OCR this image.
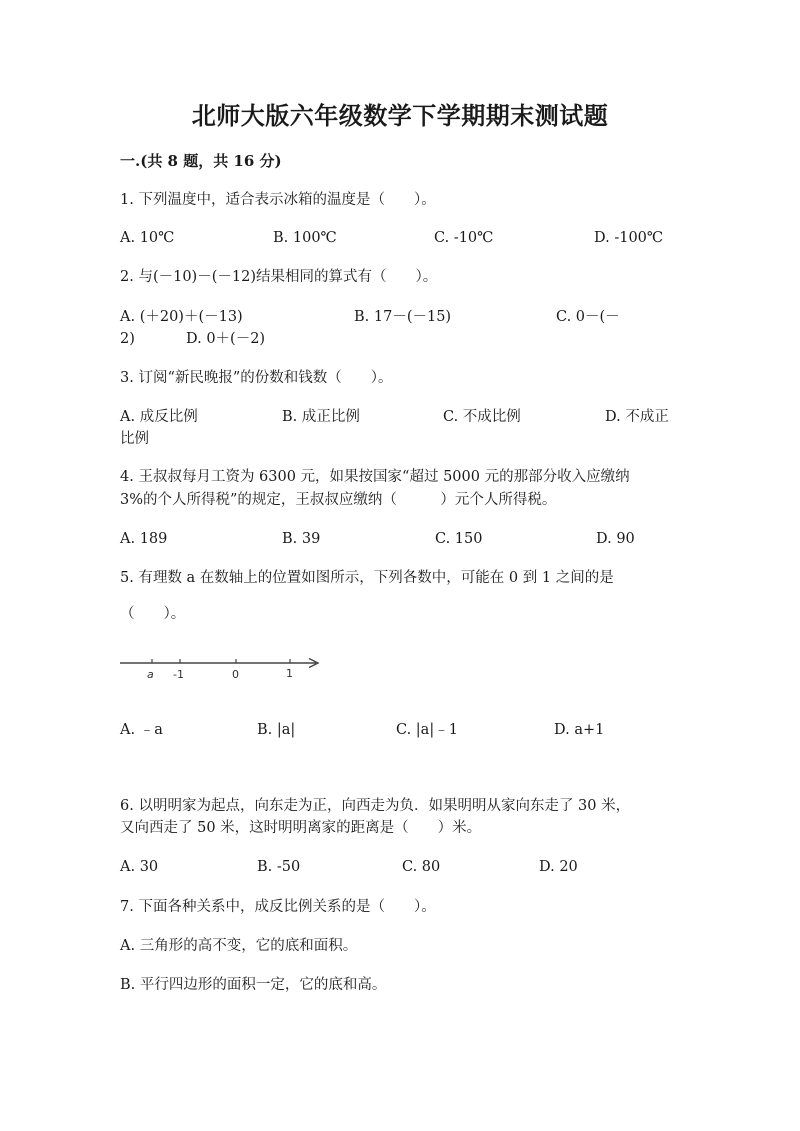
北师大版六年级数学下学期期末测试题
一.(共 8 题，共 16 分)
1. 下列温度中，适合表示冰箱的温度是（　　）。
A. 10℃	B. 100℃	C. -10℃	D. -100℃
2. 与(－10)－(－12)结果相同的算式有（　　）。
A. (＋20)＋(－13)	B. 17－(－15)	C. 0－(－
2)	D. 0＋(－2)
3. 订阅“新民晚报”的份数和钱数（　　）。
A. 成反比例	B. 成正比例	C. 不成比例	D. 不成正
比例
4. 王叔叔每月工资为 6300 元，如果按国家“超过 5000 元的那部分收入应缴纳
3%的个人所得税”的规定，王叔叔应缴纳（　　　）元个人所得税。
A. 189	B. 39	C. 150	D. 90
5. 有理数 a 在数轴上的位置如图所示，下列各数中，可能在 0 到 1 之间的是
（　　）。
a -1	0	1
A. ﹣a	B. |a|	C. |a|﹣1	D. a+1
6. 以明明家为起点，向东走为正，向西走为负．如果明明从家向东走了 30 米，
又向西走了 50 米，这时明明离家的距离是（　　）米。
A. 30	B. -50	C. 80	D. 20
7. 下面各种关系中，成反比例关系的是（　　）。
A. 三角形的高不变，它的底和面积。
B. 平行四边形的面积一定，它的底和高。
